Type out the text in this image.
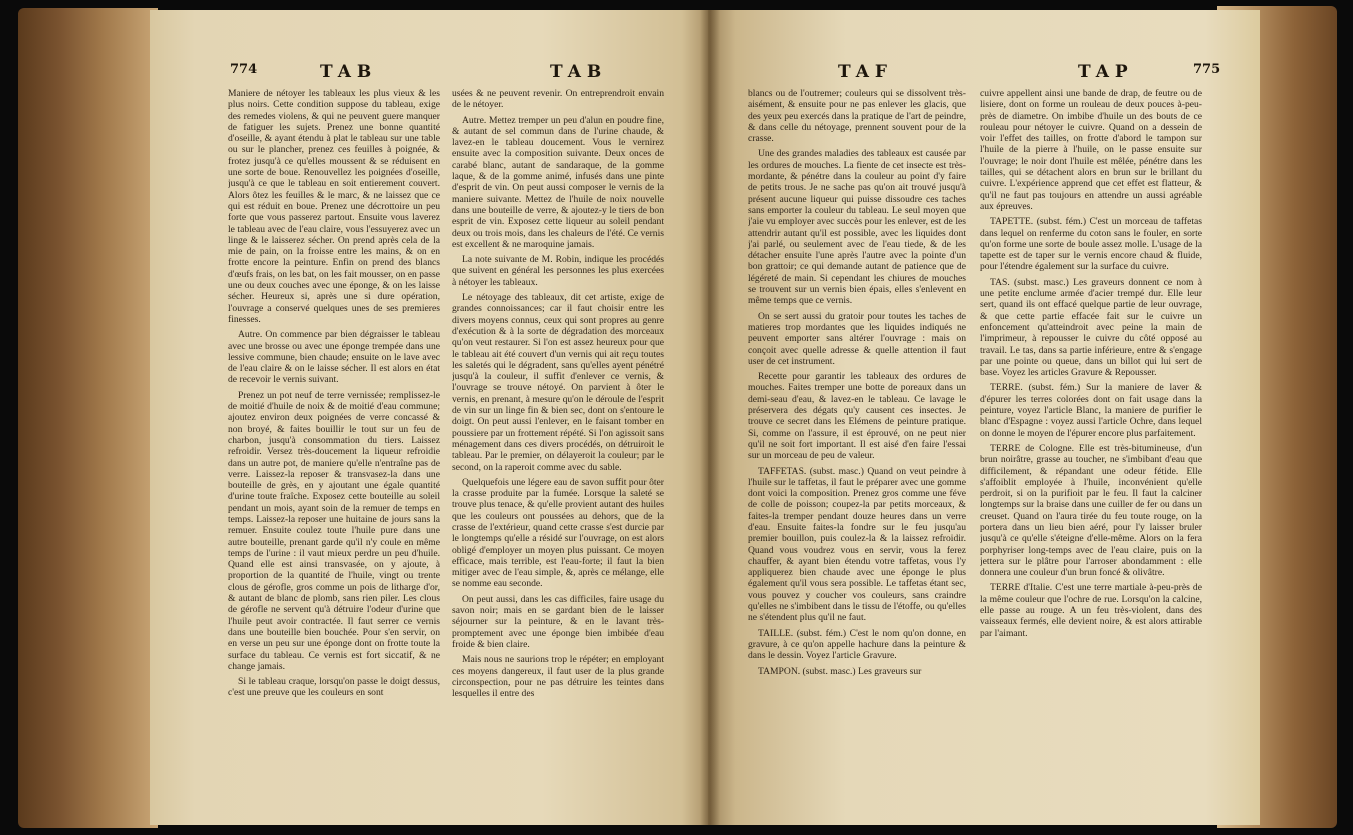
774	TAB	TAB

Maniere de nétoyer les tableaux les plus vieux & les plus noirs. Cette condition suppose du tableau, exige des remedes violens, & qui ne peuvent guere manquer de fatiguer les sujets. Prenez une bonne quantité d'oseille, & ayant étendu à plat le tableau sur une table ou sur le plancher, prenez ces feuilles à poignée, & frotez jusqu'à ce qu'elles moussent & se réduisent en une sorte de boue. Renouvellez les poignées d'oseille, jusqu'à ce que le tableau en soit entierement couvert. Alors ôtez les feuilles & le marc, & ne laissez que ce qui est réduit en boue. Prenez une décrottoire un peu forte que vous passerez partout. Ensuite vous laverez le tableau avec de l'eau claire, vous l'essuyerez avec un linge & le laisserez sécher. On prend après cela de la mie de pain, on la froisse entre les mains, & on en frotte encore la peinture. Enfin on prend des blancs d'œufs frais, on les bat, on les fait mousser, on en passe une ou deux couches avec une éponge, & on les laisse sécher. Heureux si, après une si dure opération, l'ouvrage a conservé quelques unes de ses premieres finesses.

Autre. On commence par bien dégraisser le tableau avec une brosse ou avec une éponge trempée dans une lessive commune, bien chaude; ensuite on le lave avec de l'eau claire & on le laisse sécher. Il est alors en état de recevoir le vernis suivant.

Prenez un pot neuf de terre vernissée; remplissez-le de moitié d'huile de noix & de moitié d'eau commune; ajoutez environ deux poignées de verre concassé & non broyé, & faites bouillir le tout sur un feu de charbon, jusqu'à consommation du tiers. Laissez refroidir. Versez très-doucement la liqueur refroidie dans un autre pot, de maniere qu'elle n'entraîne pas de verre. Laissez-la reposer & transvasez-la dans une bouteille de grès, en y ajoutant une égale quantité d'urine toute fraîche. Exposez cette bouteille au soleil pendant un mois, ayant soin de la remuer de temps en temps. Laissez-la reposer une huitaine de jours sans la remuer. Ensuite coulez toute l'huile pure dans une autre bouteille, prenant garde qu'il n'y coule en même temps de l'urine : il vaut mieux perdre un peu d'huile. Quand elle est ainsi transvasée, on y ajoute, à proportion de la quantité de l'huile, vingt ou trente clous de gérofle, gros comme un pois de litharge d'or, & autant de blanc de plomb, sans rien piler. Les clous de gérofle ne servent qu'à détruire l'odeur d'urine que l'huile peut avoir contractée. Il faut serrer ce vernis dans une bouteille bien bouchée. Pour s'en servir, on en verse un peu sur une éponge dont on frotte toute la surface du tableau. Ce vernis est fort siccatif, & ne change jamais.

Si le tableau craque, lorsqu'on passe le doigt dessus, c'est une preuve que les couleurs en sont

usées & ne peuvent revenir. On entreprendroit envain de le nétoyer.

Autre. Mettez tremper un peu d'alun en poudre fine, & autant de sel commun dans de l'urine chaude, & lavez-en le tableau doucement. Vous le vernirez ensuite avec la composition suivante. Deux onces de carabé blanc, autant de sandaraque, de la gomme laque, & de la gomme animé, infusés dans une pinte d'esprit de vin. On peut aussi composer le vernis de la maniere suivante. Mettez de l'huile de noix nouvelle dans une bouteille de verre, & ajoutez-y le tiers de bon esprit de vin. Exposez cette liqueur au soleil pendant deux ou trois mois, dans les chaleurs de l'été. Ce vernis est excellent & ne maroquine jamais.

La note suivante de M. Robin, indique les procédés que suivent en général les personnes les plus exercées à nétoyer les tableaux.

Le nétoyage des tableaux, dit cet artiste, exige de grandes connoissances; car il faut choisir entre les divers moyens connus, ceux qui sont propres au genre d'exécution & à la sorte de dégradation des morceaux qu'on veut restaurer. Si l'on est assez heureux pour que le tableau ait été couvert d'un vernis qui ait reçu toutes les saletés qui le dégradent, sans qu'elles ayent pénétré jusqu'à la couleur, il suffit d'enlever ce vernis, & l'ouvrage se trouve nétoyé. On parvient à ôter le vernis, en prenant, à mesure qu'on le déroule de l'esprit de vin sur un linge fin & bien sec, dont on s'entoure le doigt. On peut aussi l'enlever, en le faisant tomber en poussiere par un frottement répété. Si l'on agissoit sans ménagement dans ces divers procédés, on détruiroit le tableau. Par le premier, on délayeroit la couleur; par le second, on la raperoit comme avec du sable.

Quelquefois une légere eau de savon suffit pour ôter la crasse produite par la fumée. Lorsque la saleté se trouve plus tenace, & qu'elle provient autant des huiles que les couleurs ont poussées au dehors, que de la crasse de l'extérieur, quand cette crasse s'est durcie par le longtemps qu'elle a résidé sur l'ouvrage, on est alors obligé d'employer un moyen plus puissant. Ce moyen efficace, mais terrible, est l'eau-forte; il faut la bien mitiger avec de l'eau simple, &, après ce mélange, elle se nomme eau seconde.

On peut aussi, dans les cas difficiles, faire usage du savon noir; mais en se gardant bien de le laisser séjourner sur la peinture, & en le lavant très-promptement avec une éponge bien imbibée d'eau froide & bien claire.

Mais nous ne saurions trop le répéter; en employant ces moyens dangereux, il faut user de la plus grande circonspection, pour ne pas détruire les teintes dans lesquelles il entre des

TAF	TAP	775

blancs ou de l'outremer; couleurs qui se dissolvent très-aisément, & ensuite pour ne pas enlever les glacis, que des yeux peu exercés dans la pratique de l'art de peindre, & dans celle du nétoyage, prennent souvent pour de la crasse.

Une des grandes maladies des tableaux est causée par les ordures de mouches. La fiente de cet insecte est très-mordante, & pénétre dans la couleur au point d'y faire de petits trous. Je ne sache pas qu'on ait trouvé jusqu'à présent aucune liqueur qui puisse dissoudre ces taches sans emporter la couleur du tableau. Le seul moyen que j'aie vu employer avec succès pour les enlever, est de les attendrir autant qu'il est possible, avec les liquides dont j'ai parlé, ou seulement avec de l'eau tiede, & de les détacher ensuite l'une après l'autre avec la pointe d'un bon grattoir; ce qui demande autant de patience que de légéreté de main. Si cependant les chiures de mouches se trouvent sur un vernis bien épais, elles s'enlevent en même temps que ce vernis.

On se sert aussi du gratoir pour toutes les taches de matieres trop mordantes que les liquides indiqués ne peuvent emporter sans altérer l'ouvrage : mais on conçoit avec quelle adresse & quelle attention il faut user de cet instrument.

Recette pour garantir les tableaux des ordures de mouches. Faites tremper une botte de poreaux dans un demi-seau d'eau, & lavez-en le tableau. Ce lavage le préservera des dégats qu'y causent ces insectes. Je trouve ce secret dans les Elémens de peinture pratique. Si, comme on l'assure, il est éprouvé, on ne peut nier qu'il ne soit fort important. Il est aisé d'en faire l'essai sur un morceau de peu de valeur.

TAFFETAS. (subst. masc.) Quand on veut peindre à l'huile sur le taffetas, il faut le préparer avec une gomme dont voici la composition. Prenez gros comme une féve de colle de poisson; coupez-la par petits morceaux, & faites-la tremper pendant douze heures dans un verre d'eau. Ensuite faites-la fondre sur le feu jusqu'au premier bouillon, puis coulez-la & la laissez refroidir. Quand vous voudrez vous en servir, vous la ferez chauffer, & ayant bien étendu votre taffetas, vous l'y appliquerez bien chaude avec une éponge le plus également qu'il vous sera possible. Le taffetas étant sec, vous pouvez y coucher vos couleurs, sans craindre qu'elles ne s'imbibent dans le tissu de l'étoffe, ou qu'elles ne s'étendent plus qu'il ne faut.

TAILLE. (subst. fém.) C'est le nom qu'on donne, en gravure, à ce qu'on appelle hachure dans la peinture & dans le dessin. Voyez l'article Gravure.

TAMPON. (subst. masc.) Les graveurs sur

cuivre appellent ainsi une bande de drap, de feutre ou de lisiere, dont on forme un rouleau de deux pouces à-peu-près de diametre. On imbibe d'huile un des bouts de ce rouleau pour nétoyer le cuivre. Quand on a dessein de voir l'effet des tailles, on frotte d'abord le tampon sur l'huile de la pierre à l'huile, on le passe ensuite sur l'ouvrage; le noir dont l'huile est mêlée, pénétre dans les tailles, qui se détachent alors en brun sur le brillant du cuivre. L'expérience apprend que cet effet est flatteur, & qu'il ne faut pas toujours en attendre un aussi agréable aux épreuves.

TAPETTE. (subst. fém.) C'est un morceau de taffetas dans lequel on renferme du coton sans le fouler, en sorte qu'on forme une sorte de boule assez molle. L'usage de la tapette est de taper sur le vernis encore chaud & fluide, pour l'étendre également sur la surface du cuivre.

TAS. (subst. masc.) Les graveurs donnent ce nom à une petite enclume armée d'acier trempé dur. Elle leur sert, quand ils ont effacé quelque partie de leur ouvrage, & que cette partie effacée fait sur le cuivre un enfoncement qu'atteindroit avec peine la main de l'imprimeur, à repousser le cuivre du côté opposé au travail. Le tas, dans sa partie inférieure, entre & s'engage par une pointe ou queue, dans un billot qui lui sert de base. Voyez les articles Gravure & Repousser.

TERRE. (subst. fém.) Sur la maniere de laver & d'épurer les terres colorées dont on fait usage dans la peinture, voyez l'article Blanc, la maniere de purifier le blanc d'Espagne : voyez aussi l'article Ochre, dans lequel on donne le moyen de l'épurer encore plus parfaitement.

TERRE de Cologne. Elle est très-bitumineuse, d'un brun noirâtre, grasse au toucher, ne s'imbibant d'eau que difficilement, & répandant une odeur fétide. Elle s'affoiblit employée à l'huile, inconvénient qu'elle perdroit, si on la purifioit par le feu. Il faut la calciner longtemps sur la braise dans une cuiller de fer ou dans un creuset. Quand on l'aura tirée du feu toute rouge, on la portera dans un lieu bien aéré, pour l'y laisser bruler jusqu'à ce qu'elle s'éteigne d'elle-même. Alors on la fera porphyriser long-temps avec de l'eau claire, puis on la jettera sur le plâtre pour l'arroser abondamment : elle donnera une couleur d'un brun foncé & olivâtre.

TERRE d'Italie. C'est une terre martiale à-peu-près de la même couleur que l'ochre de rue. Lorsqu'on la calcine, elle passe au rouge. A un feu très-violent, dans des vaisseaux fermés, elle devient noire, & est alors attirable par l'aimant.
